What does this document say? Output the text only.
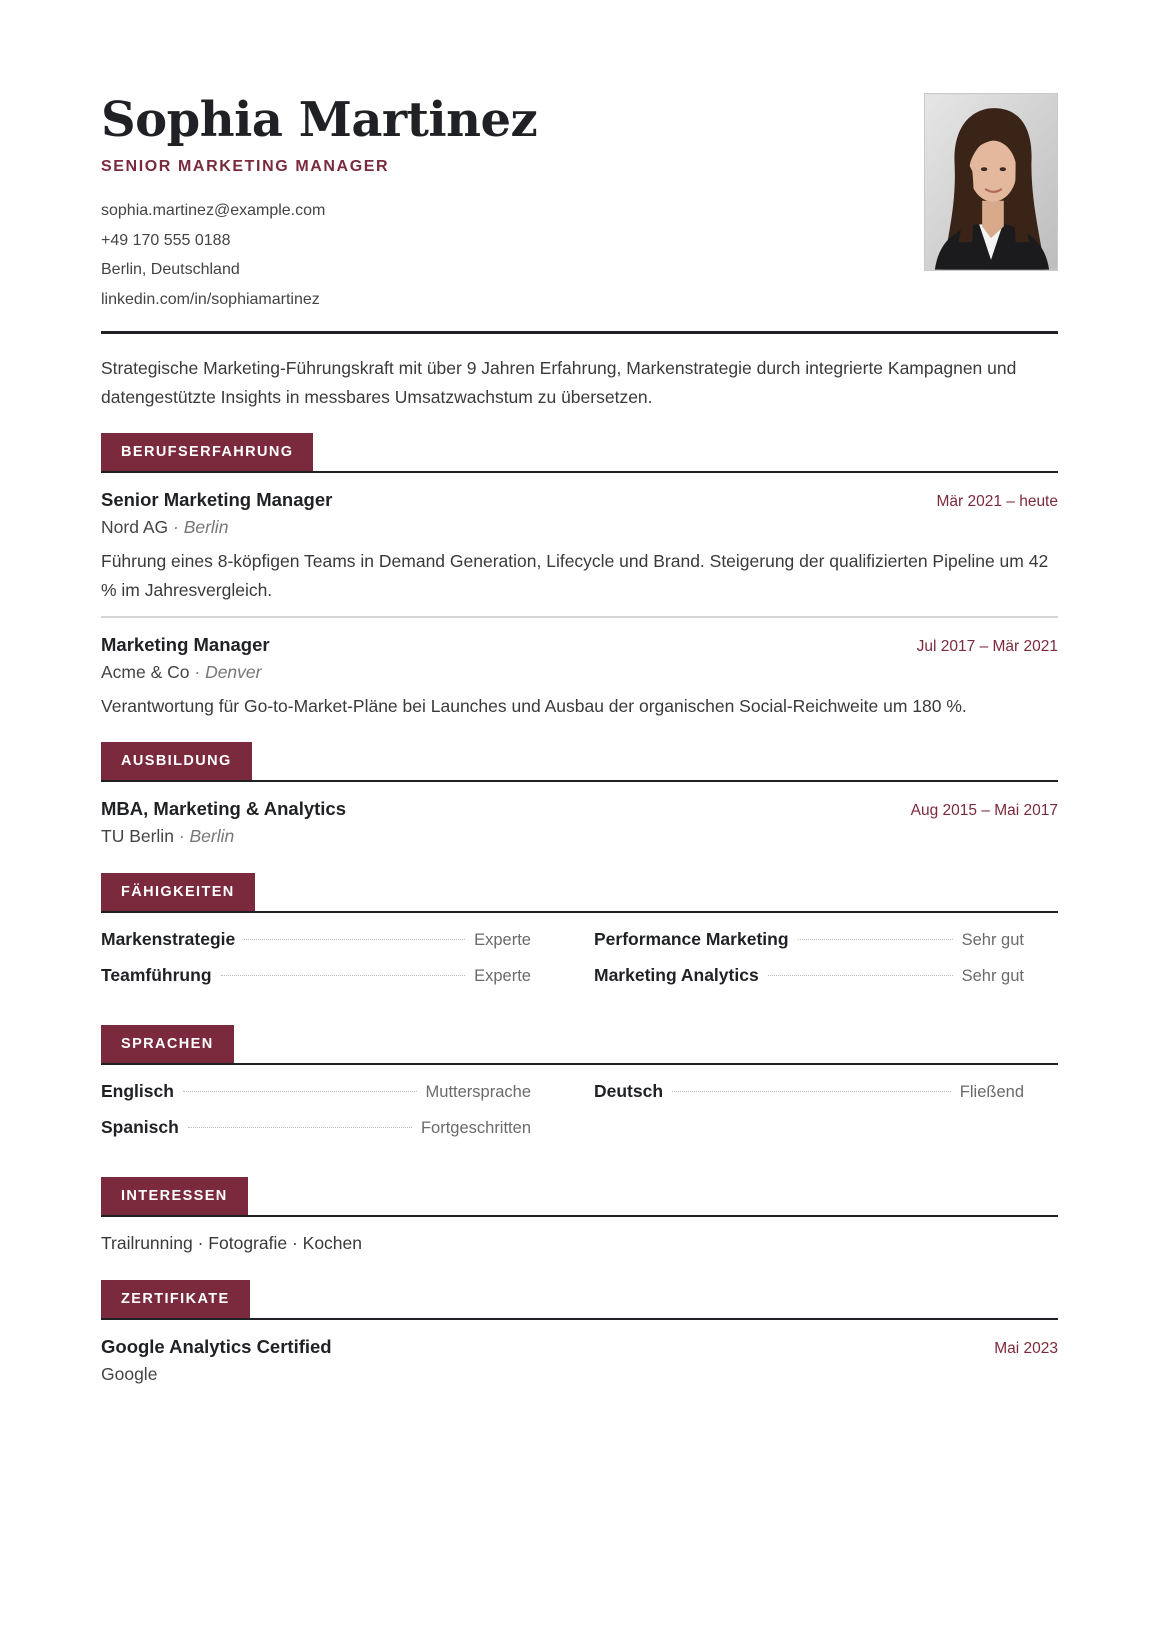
Sophia Martinez
SENIOR MARKETING MANAGER
sophia.martinez@example.com
+49 170 555 0188
Berlin, Deutschland
linkedin.com/in/sophiamartinez
Strategische Marketing-Führungskraft mit über 9 Jahren Erfahrung, Markenstrategie durch integrierte Kampagnen und datengestützte Insights in messbares Umsatzwachstum zu übersetzen.
BERUFSERFAHRUNG
Senior Marketing Manager	Mär 2021 – heute
Nord AG · Berlin
Führung eines 8-köpfigen Teams in Demand Generation, Lifecycle und Brand. Steigerung der qualifizierten Pipeline um 42 % im Jahresvergleich.
Marketing Manager	Jul 2017 – Mär 2021
Acme & Co · Denver
Verantwortung für Go-to-Market-Pläne bei Launches und Ausbau der organischen Social-Reichweite um 180 %.
AUSBILDUNG
MBA, Marketing & Analytics	Aug 2015 – Mai 2017
TU Berlin · Berlin
FÄHIGKEITEN
Markenstrategie	Experte	Performance Marketing	Sehr gut
Teamführung	Experte	Marketing Analytics	Sehr gut
SPRACHEN
Englisch	Muttersprache	Deutsch	Fließend
Spanisch	Fortgeschritten
INTERESSEN
Trailrunning · Fotografie · Kochen
ZERTIFIKATE
Google Analytics Certified	Mai 2023
Google
